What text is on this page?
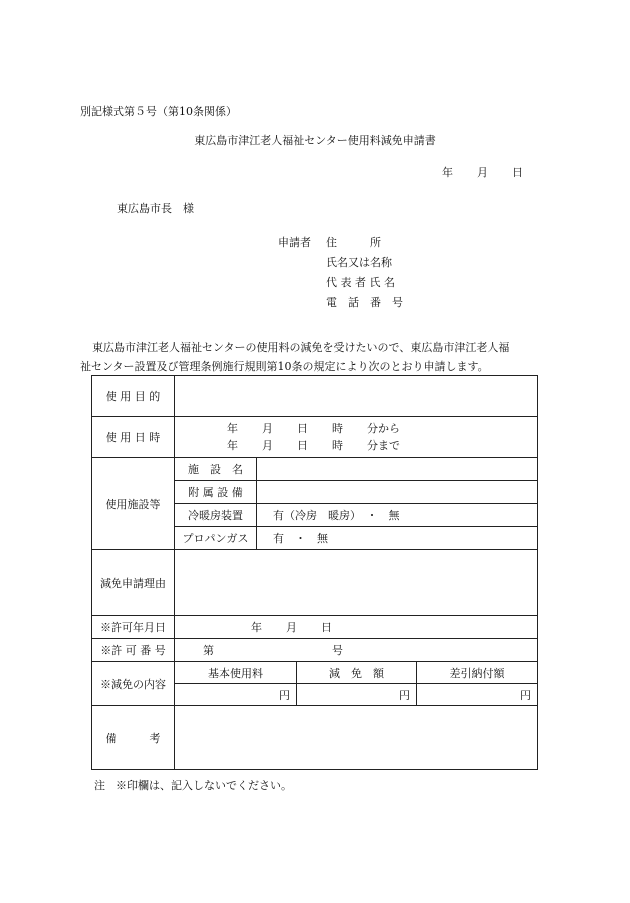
別記様式第５号（第10条関係）
東広島市津江老人福祉センター使用料減免申請書
年 月 日
東広島市長　様
申請者	住　　　所
氏名又は名称
代 表 者 氏 名
電　話　番　号

東広島市津江老人福祉センターの使用料の減免を受けたいので、東広島市津江老人福

祉センター設置及び管理条例施行規則第10条の規定により次のとおり申請します。

使 用 目 的				
使 用 日 時	年 月 日 時 分から
年 月 日 時 分まで			

使用施設等	施　設　名			
	附 属 設 備			
	冷暖房装置	有（冷房　暖房）　・　無		
	プロパンガス	有　・　無		
減免申請理由				
※許可年月日	年 月 日			
※許 可 番 号	第 号			
※減免の内容	基本使用料		減　免　額	差引納付額
	円		円	円
備　　　考				
注　※印欄は、記入しないでください。
